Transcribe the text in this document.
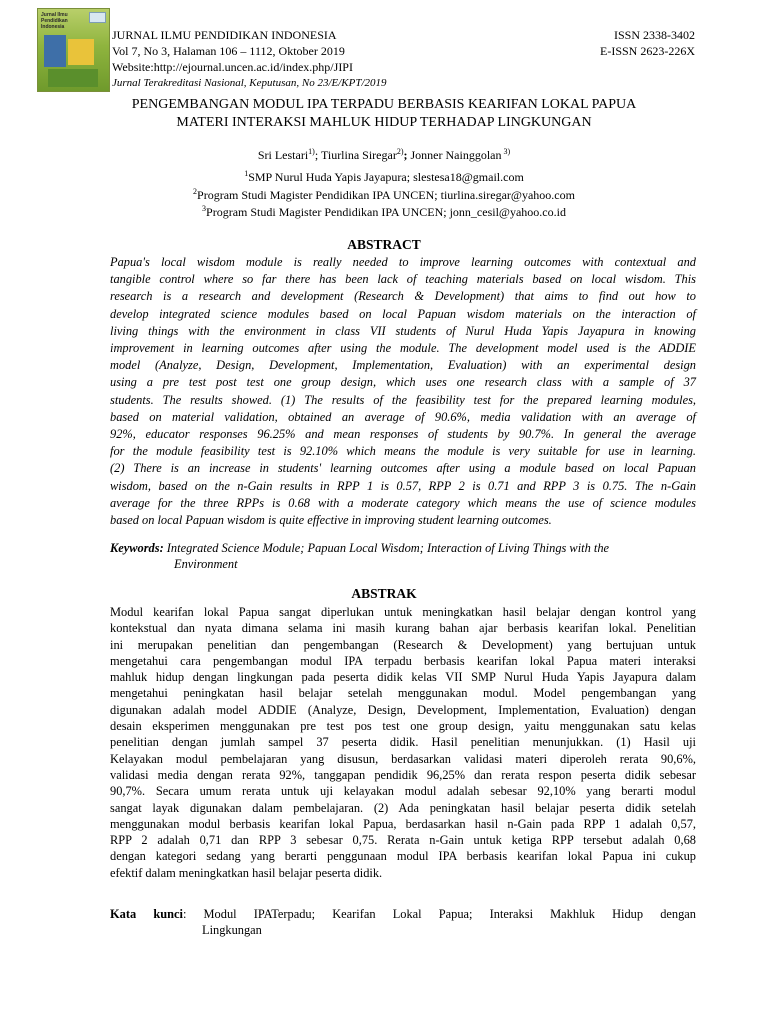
Jurnal Ilmu Pendidikan Indonesia
JURNAL ILMU PENDIDIKAN INDONESIA
Vol 7, No 3, Halaman 106 – 1112, Oktober 2019
Website:http://ejournal.uncen.ac.id/index.php/JIPI
Jurnal Terakreditasi Nasional, Keputusan, No 23/E/KPT/2019
ISSN 2338-3402
E-ISSN 2623-226X
PENGEMBANGAN MODUL IPA TERPADU BERBASIS KEARIFAN LOKAL PAPUA
MATERI INTERAKSI MAHLUK HIDUP TERHADAP LINGKUNGAN
Sri Lestari$^{1)}$; Tiurlina Siregar$^{2)}$; Jonner Nainggolan $^{3)}$
$^1$SMP Nurul Huda Yapis Jayapura; slestesa18@gmail.com
$^2$Program Studi Magister Pendidikan IPA UNCEN; tiurlina.siregar@yahoo.com
$^3$Program Studi Magister Pendidikan IPA UNCEN; jonn_cesil@yahoo.co.id
ABSTRACT
Papua's local wisdom module is really needed to improve learning outcomes with contextual and
tangible control where so far there has been lack of teaching materials based on local wisdom. This
research is a research and development (Research & Development) that aims to find out how to
develop integrated science modules based on local Papuan wisdom materials on the interaction of
living things with the environment in class VII students of Nurul Huda Yapis Jayapura in knowing
improvement in learning outcomes after using the module. The development model used is the ADDIE
model (Analyze, Design, Development, Implementation, Evaluation) with an experimental design
using a pre test post test one group design, which uses one research class with a sample of 37
students. The results showed. (1) The results of the feasibility test for the prepared learning modules,
based on material validation, obtained an average of 90.6%, media validation with an average of
92%, educator responses 96.25% and mean responses of students by 90.7%. In general the average
for the module feasibility test is 92.10% which means the module is very suitable for use in learning.
(2) There is an increase in students' learning outcomes after using a module based on local Papuan
wisdom, based on the n-Gain results in RPP 1 is 0.57, RPP 2 is 0.71 and RPP 3 is 0.75. The n-Gain
average for the three RPPs is 0.68 with a moderate category which means the use of science modules
based on local Papuan wisdom is quite effective in improving student learning outcomes.
Keywords: Integrated Science Module; Papuan Local Wisdom; Interaction of Living Things with the
Environment
ABSTRAK
Modul kearifan lokal Papua sangat diperlukan untuk meningkatkan hasil belajar dengan kontrol yang
kontekstual dan nyata dimana selama ini masih kurang bahan ajar berbasis kearifan lokal. Penelitian
ini merupakan penelitian dan pengembangan (Research & Development) yang bertujuan untuk
mengetahui cara pengembangan modul IPA terpadu berbasis kearifan lokal Papua materi interaksi
mahluk hidup dengan lingkungan pada peserta didik kelas VII SMP Nurul Huda Yapis Jayapura dalam
mengetahui peningkatan hasil belajar setelah menggunakan modul. Model pengembangan yang
digunakan adalah model ADDIE (Analyze, Design, Development, Implementation, Evaluation) dengan
desain eksperimen menggunakan pre test pos test one group design, yaitu menggunakan satu kelas
penelitian dengan jumlah sampel 37 peserta didik. Hasil penelitian menunjukkan. (1) Hasil uji
Kelayakan modul pembelajaran yang disusun, berdasarkan validasi materi diperoleh rerata 90,6%,
validasi media dengan rerata 92%, tanggapan pendidik 96,25% dan rerata respon peserta didik sebesar
90,7%. Secara umum rerata untuk uji kelayakan modul adalah sebesar 92,10% yang berarti modul
sangat layak digunakan dalam pembelajaran. (2) Ada peningkatan hasil belajar peserta didik setelah
menggunakan modul berbasis kearifan lokal Papua, berdasarkan hasil n-Gain pada RPP 1 adalah 0,57,
RPP 2 adalah 0,71 dan RPP 3 sebesar 0,75. Rerata n-Gain untuk ketiga RPP tersebut adalah 0,68
dengan kategori sedang yang berarti penggunaan modul IPA berbasis kearifan lokal Papua ini cukup
efektif dalam meningkatkan hasil belajar peserta didik.
Kata kunci: Modul IPATerpadu; Kearifan Lokal Papua; Interaksi Makhluk Hidup dengan
Lingkungan
